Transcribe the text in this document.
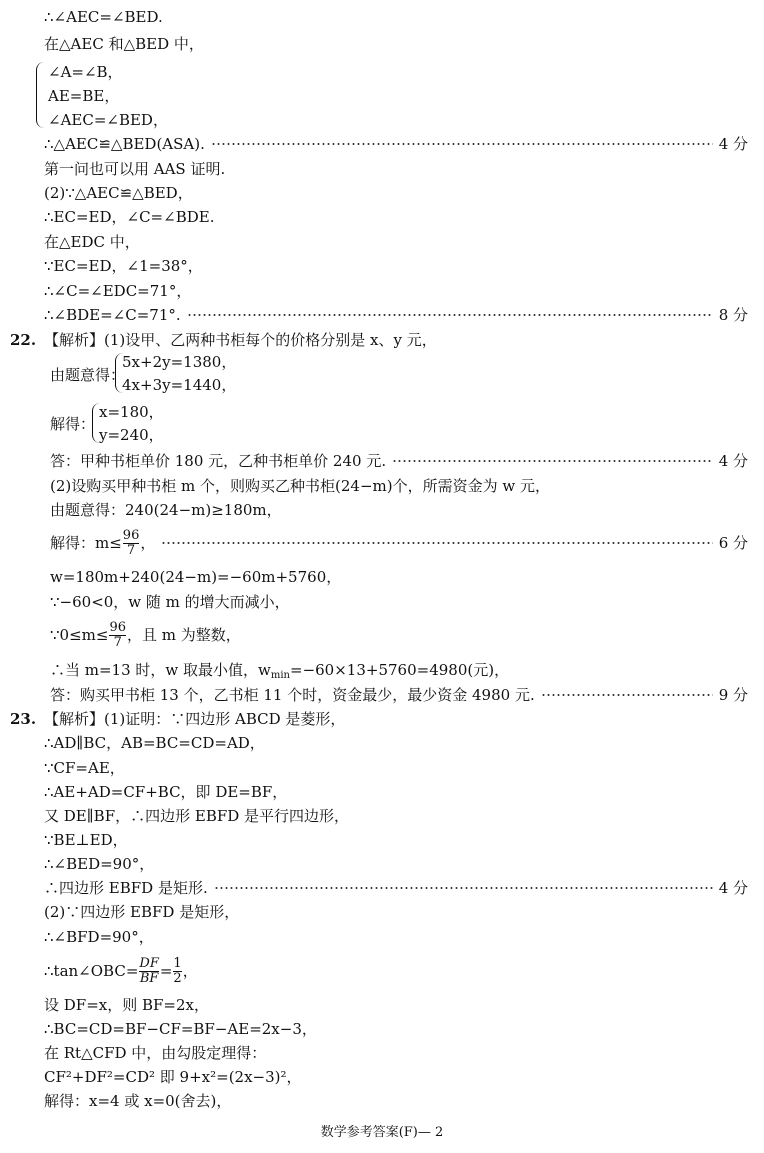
∴∠AEC=∠BED.
在△AEC 和△BED 中，
∠A=∠B，
AE=BE，
∠AEC=∠BED，
∴△AEC≌△BED(ASA).	4 分
第一问也可以用 AAS 证明.
(2)∵△AEC≌△BED，
∴EC=ED，∠C=∠BDE.
在△EDC 中，
∵EC=ED，∠1=38°，
∴∠C=∠EDC=71°，
∴∠BDE=∠C=71°.	8 分
22. 【解析】(1)设甲、乙两种书柜每个的价格分别是 x、y 元，
由题意得：
5x+2y=1380，
4x+3y=1440，
解得：
x=180，
y=240，
答：甲种书柜单价 180 元，乙种书柜单价 240 元.	4 分
(2)设购买甲种书柜 m 个，则购买乙种书柜(24−m)个，所需资金为 w 元，
由题意得：240(24−m)≥180m，
解得：m≤ 96
7 ，	6 分
w=180m+240(24−m)=−60m+5760，
∵−60<0，w 随 m 的增大而减小，
∵0≤m≤ 96
7 ，且 m 为整数，
∴当 m=13 时，w 取最小值，$w_{min} =-60\times 13+5760=4980$(元)，
答：购买甲书柜 13 个，乙书柜 11 个时，资金最少，最少资金 4980 元.	9 分
23. 【解析】(1)证明：∵四边形 ABCD 是菱形，
∴AD∥BC，AB=BC=CD=AD，
∵CF=AE，
∴AE+AD=CF+BC，即 DE=BF，
又 DE∥BF，∴四边形 EBFD 是平行四边形，
∵BE⊥ED，
∴∠BED=90°，
∴四边形 EBFD 是矩形.	4 分
(2)∵四边形 EBFD 是矩形，
∴∠BFD=90°，
∴tan∠OBC= DF
BF = 1
2 ，
设 DF=x，则 BF=2x，
∴BC=CD=BF−CF=BF−AE=2x−3，
在 Rt△CFD 中，由勾股定理得：
CF²+DF²=CD² 即 9+x²=(2x−3)²，
解得：x=4 或 x=0(舍去)，
数学参考答案(F)— 2
